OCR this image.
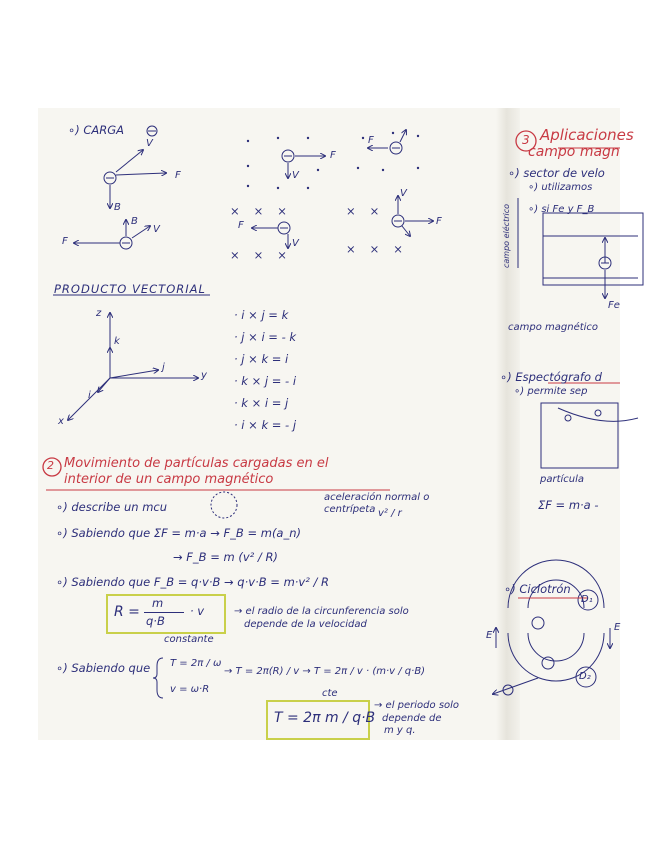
∘) CARGA
F
V
B
F
B
V
F
V
F
F
V
V
F
×××
×××
××
×××
PRODUCTO VECTORIAL
z
y
x
k
j
i
· i × j = k
· j × i = - k
· j × k = i
· k × j = - i
· k × i = j
· i × k = - j
2 Movimiento de partículas cargadas en el
interior de un campo magnético
∘) describe un mcu
aceleración normal o
centrípeta v² / r
∘) Sabiendo que ΣF = m·a → F_B = m(a_n)
→ F_B = m (v² / R)
∘) Sabiendo que F_B = q·v·B → q·v·B = m·v² / R
R =
m
q·B
· v
constante
→ el radio de la circunferencia solo
depende de la velocidad
∘) Sabiendo que T = 2π / ω
v = ω·R
→ T = 2π(R) / v → T = 2π / v · (m·v / q·B)
cte
T = 2π m / q·B
→ el periodo solo
depende de
m y q.
3 Aplicaciones
campo magn
∘) sector de velo
∘) utilizamos
∘) si Fe y F_B
campo eléctrico
Fe
campo magnético
∘) Espectógrafo d
∘) permite sep
partícula
ΣF = m·a -
∘) Ciclotrón
D₁
D₂
E
E
